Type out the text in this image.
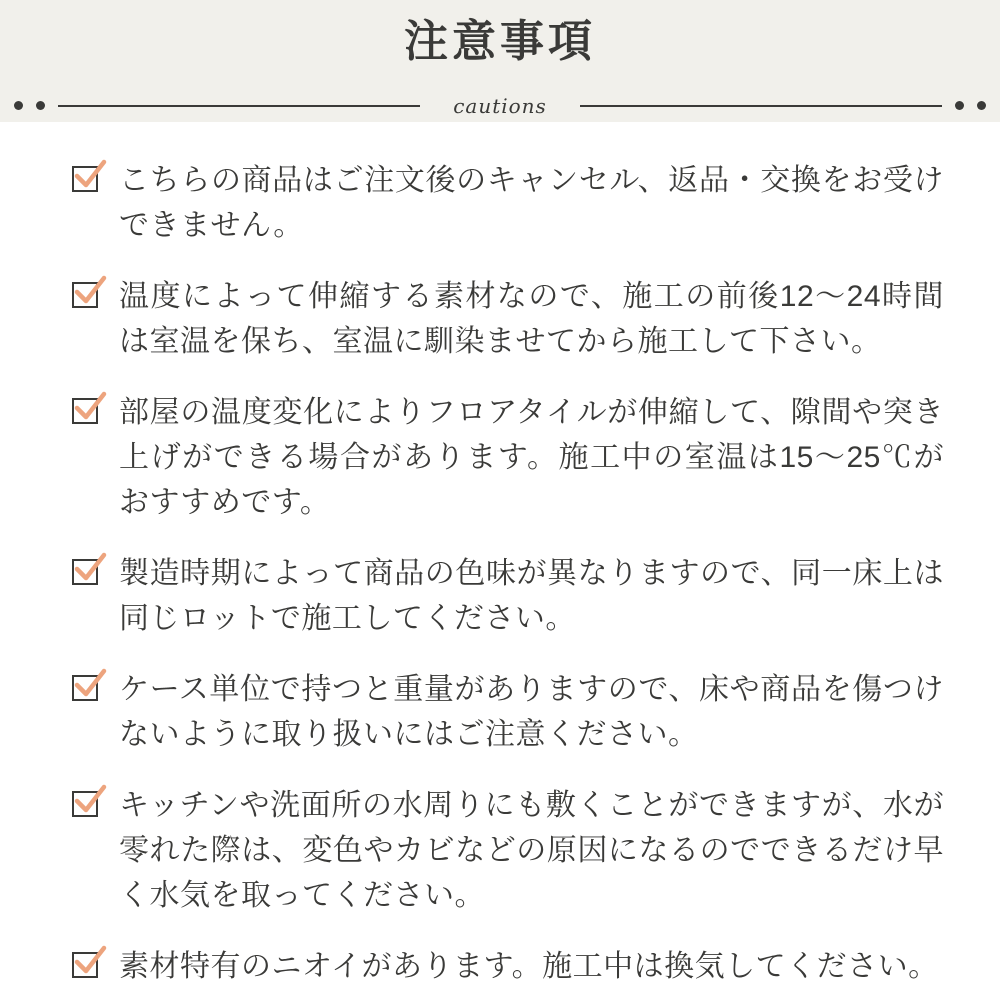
注意事項
cautions
こちらの商品はご注文後のキャンセル、返品・交換をお受けできません。
温度によって伸縮する素材なので、施工の前後12〜24時間は室温を保ち、室温に馴染ませてから施工して下さい。
部屋の温度変化によりフロアタイルが伸縮して、隙間や突き上げができる場合があります。施工中の室温は15〜25℃がおすすめです。
製造時期によって商品の色味が異なりますので、同一床上は同じロットで施工してください。
ケース単位で持つと重量がありますので、床や商品を傷つけないように取り扱いにはご注意ください。
キッチンや洗面所の水周りにも敷くことができますが、水が零れた際は、変色やカビなどの原因になるのでできるだけ早く水気を取ってください。
素材特有のニオイがあります。施工中は換気してください。
